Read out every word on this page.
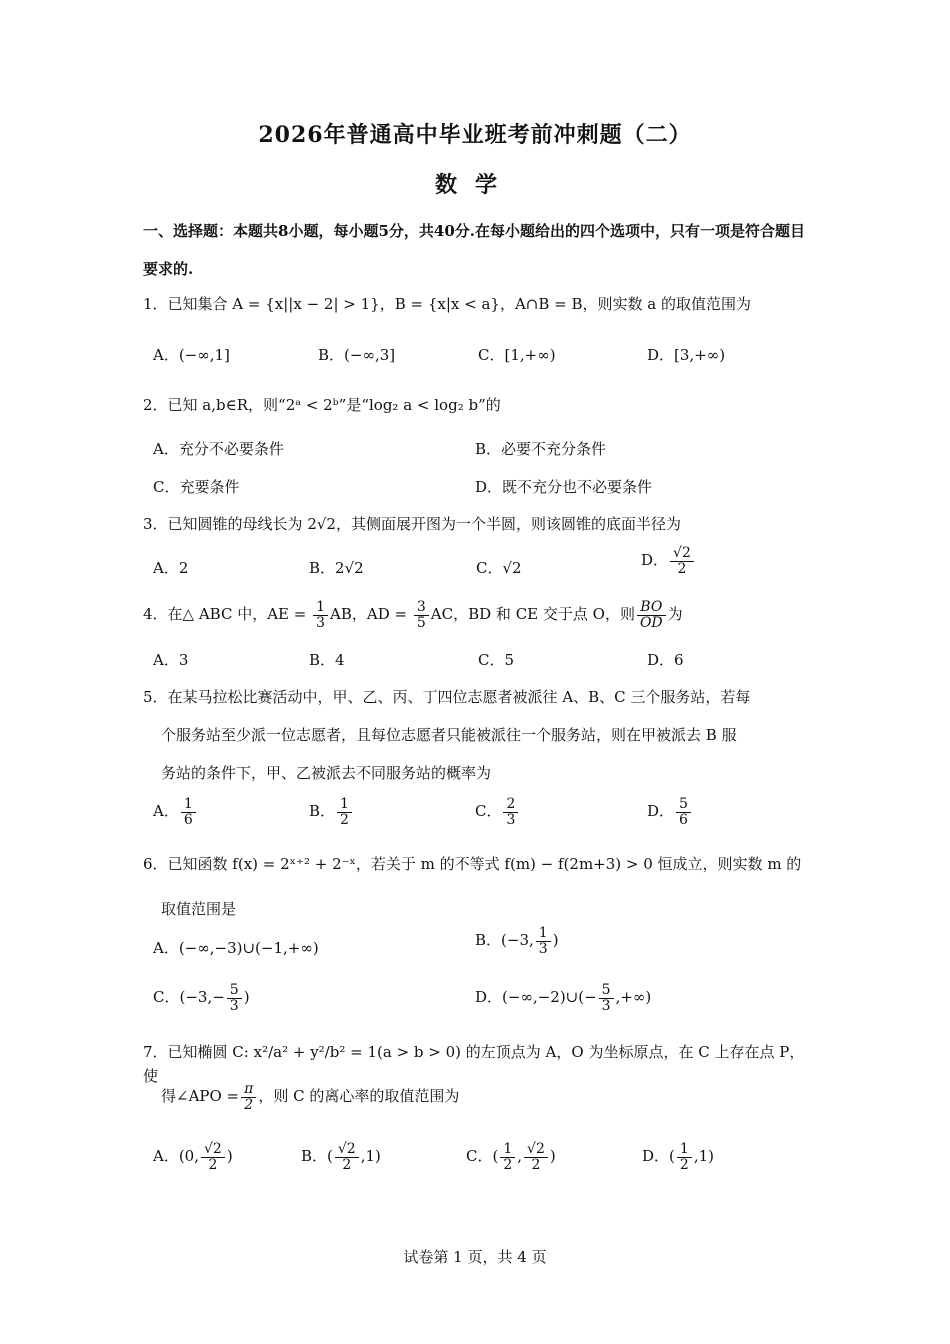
2026年普通高中毕业班考前冲刺题（二）
数学
一、选择题：本题共8小题，每小题5分，共40分.在每小题给出的四个选项中，只有一项是符合题目要求的.
1．已知集合 A = {x||x − 2| > 1}，B = {x|x < a}，A∩B = B，则实数 a 的取值范围为
A．(−∞,1]	B．(−∞,3]	C．[1,+∞)	D．[3,+∞)
2．已知 a,b∈R，则“2ᵃ < 2ᵇ”是“log₂ a < log₂ b”的
A．充分不必要条件	B．必要不充分条件
C．充要条件	D．既不充分也不必要条件
3．已知圆锥的母线长为 2√2，其侧面展开图为一个半圆，则该圆锥的底面半径为
A．2	B．2√2	C．√2	D． $\frac{√2}{2}$
4．在△ ABC 中，AE = $\frac{1}{3}$ AB，AD = $\frac{3}{5}$ AC，BD 和 CE 交于点 O，则 $\frac{BO}{OD}$ 为
A．3	B．4	C．5	D．6
5．在某马拉松比赛活动中，甲、乙、丙、丁四位志愿者被派往 A、B、C 三个服务站，若每
个服务站至少派一位志愿者，且每位志愿者只能被派往一个服务站，则在甲被派去 B 服
务站的条件下，甲、乙被派去不同服务站的概率为
A． $\frac{1}{6}$	B． $\frac{1}{2}$	C． $\frac{2}{3}$	D． $\frac{5}{6}$
6．已知函数 f(x) = 2ˣ⁺² + 2⁻ˣ，若关于 m 的不等式 f(m) − f(2m+3) > 0 恒成立，则实数 m 的
取值范围是
A．(−∞,−3)∪(−1,+∞)	B．(−3, $\frac{1}{3}$ )
C．($-3,- \frac{5}{3}$ )	D．(−∞,−2)∪(− $\frac{5}{3}$ ,+∞)
7．已知椭圆 C: x²/a² + y²/b² = 1(a > b > 0) 的左顶点为 A，O 为坐标原点，在 C 上存在点 P，使
得∠APO = $\frac{\pi}{2}$ ，则 C 的离心率的取值范围为
A．(0, $\frac{√2}{2}$ )	B．( $\frac{√2}{2} ,1$)	C．( $\frac{1}{2}$ , $\frac{√2}{2}$ )	D．( $\frac{1}{2} ,1$)
试卷第 1 页，共 4 页
